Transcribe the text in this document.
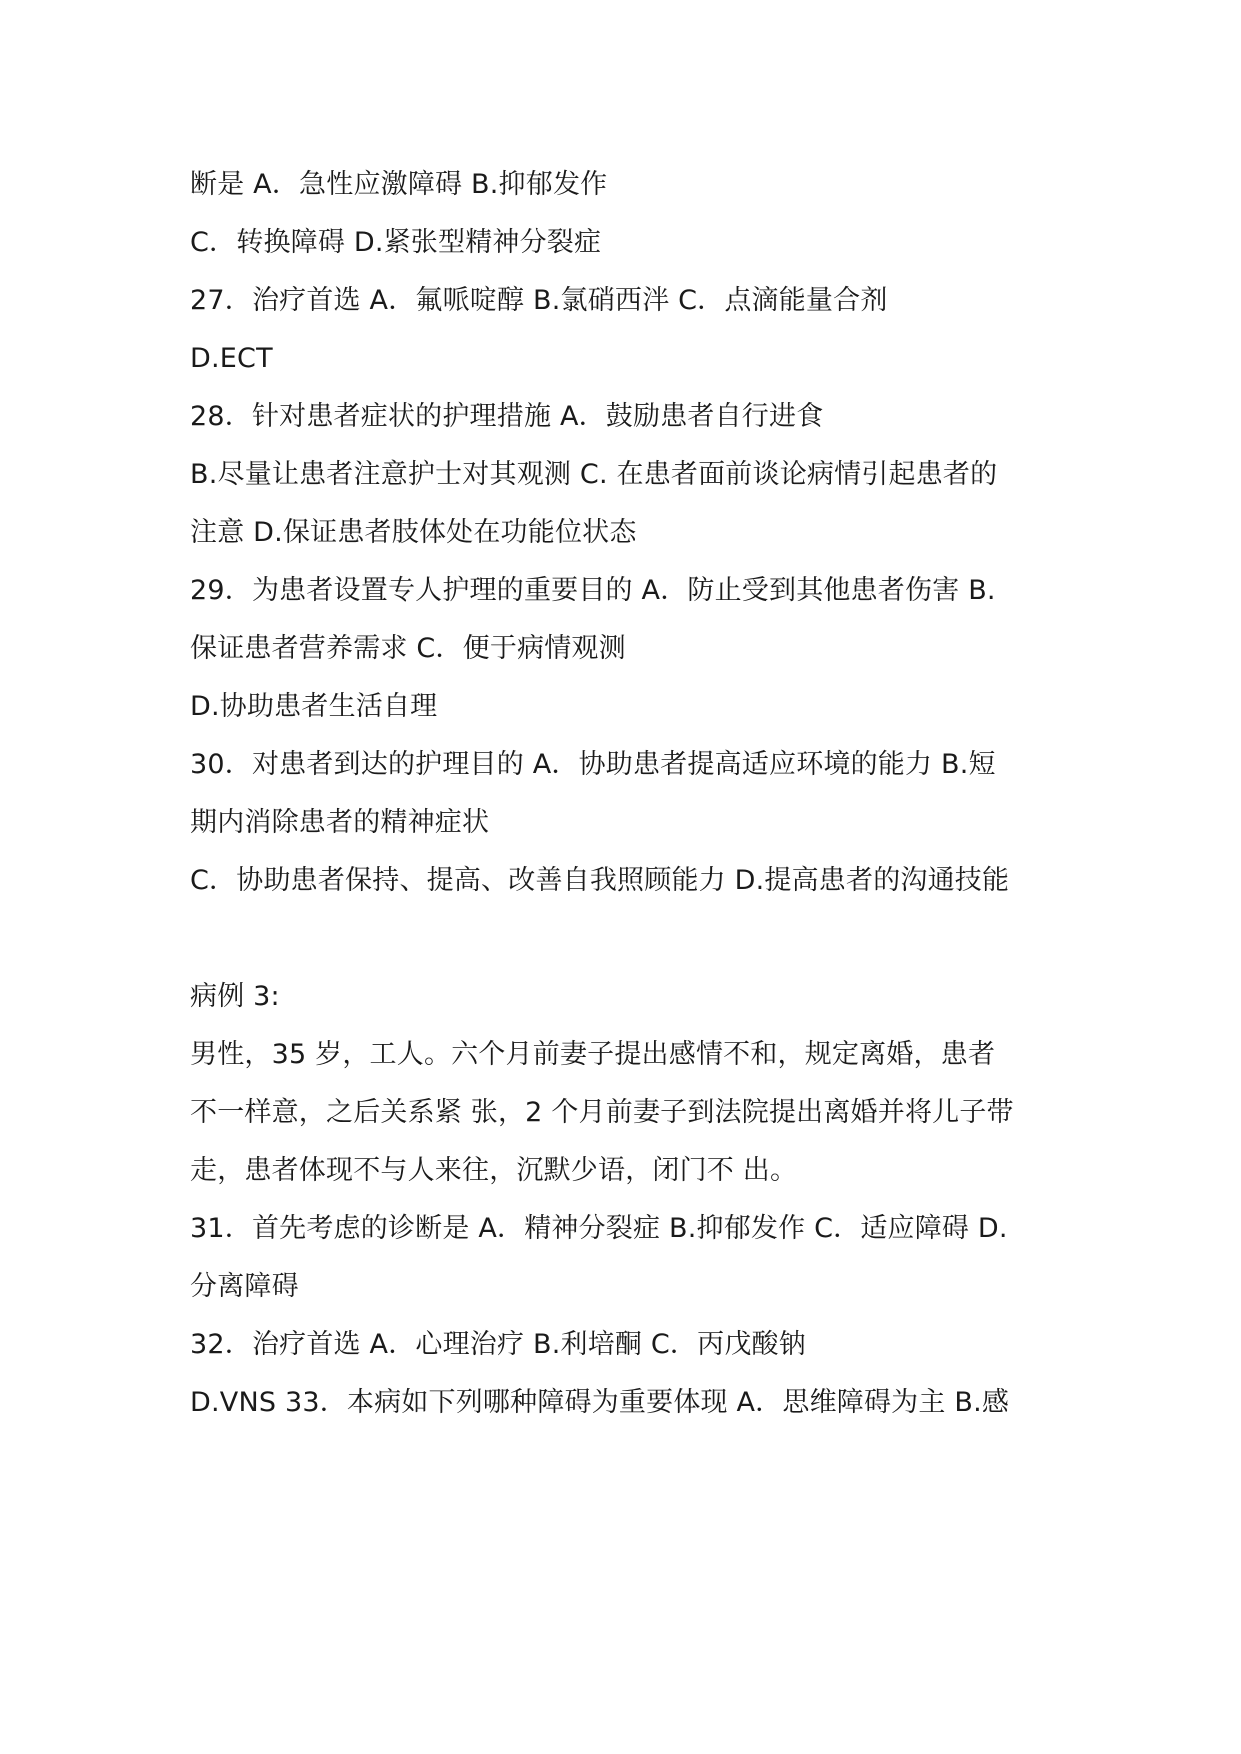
断是 A．急性应激障碍 B.抑郁发作
C．转换障碍 D.紧张型精神分裂症
27．治疗首选 A．氟哌啶醇 B.氯硝西泮 C．点滴能量合剂
D.ECT
28．针对患者症状的护理措施 A．鼓励患者自行进食
B.尽量让患者注意护士对其观测 C. 在患者面前谈论病情引起患者的
注意 D.保证患者肢体处在功能位状态
29．为患者设置专人护理的重要目的 A．防止受到其他患者伤害 B.
保证患者营养需求 C．便于病情观测
D.协助患者生活自理
30．对患者到达的护理目的 A．协助患者提高适应环境的能力 B.短
期内消除患者的精神症状
C．协助患者保持、提高、改善自我照顾能力 D.提高患者的沟通技能
病例 3:
男性，35 岁，工人。六个月前妻子提出感情不和，规定离婚，患者
不一样意，之后关系紧 张，2 个月前妻子到法院提出离婚并将儿子带
走，患者体现不与人来往，沉默少语，闭门不 出。
31．首先考虑的诊断是 A．精神分裂症 B.抑郁发作 C．适应障碍 D.
分离障碍
32．治疗首选 A．心理治疗 B.利培酮 C．丙戊酸钠
D.VNS 33．本病如下列哪种障碍为重要体现 A．思维障碍为主 B.感
